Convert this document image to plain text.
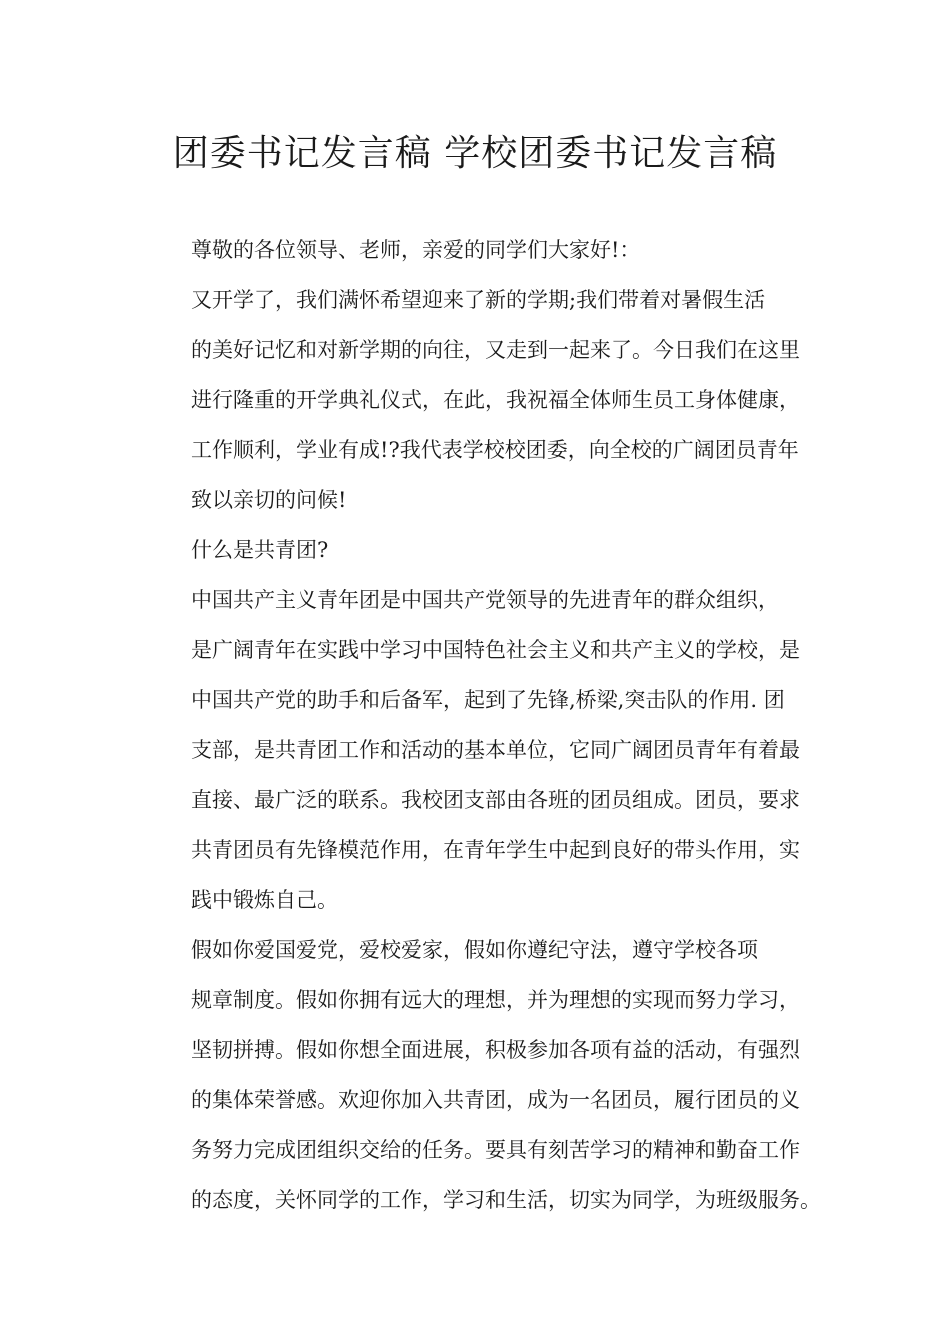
团委书记发言稿 学校团委书记发言稿

尊敬的各位领导、老师，亲爱的同学们大家好!：

又开学了，我们满怀希望迎来了新的学期;我们带着对暑假生活
的美好记忆和对新学期的向往，又走到一起来了。今日我们在这里
进行隆重的开学典礼仪式，在此，我祝福全体师生员工身体健康，
工作顺利，学业有成!?我代表学校校团委，向全校的广阔团员青年
致以亲切的问候!

什么是共青团?

中国共产主义青年团是中国共产党领导的先进青年的群众组织，
是广阔青年在实践中学习中国特色社会主义和共产主义的学校，是
中国共产党的助手和后备军，起到了先锋,桥梁,突击队的作用. 团
支部，是共青团工作和活动的基本单位，它同广阔团员青年有着最
直接、最广泛的联系。我校团支部由各班的团员组成。团员，要求
共青团员有先锋模范作用，在青年学生中起到良好的带头作用，实
践中锻炼自己。

假如你爱国爱党，爱校爱家，假如你遵纪守法，遵守学校各项
规章制度。假如你拥有远大的理想，并为理想的实现而努力学习，
坚韧拼搏。假如你想全面进展，积极参加各项有益的活动，有强烈
的集体荣誉感。欢迎你加入共青团，成为一名团员，履行团员的义
务努力完成团组织交给的任务。要具有刻苦学习的精神和勤奋工作
的态度，关怀同学的工作，学习和生活，切实为同学，为班级服务。
